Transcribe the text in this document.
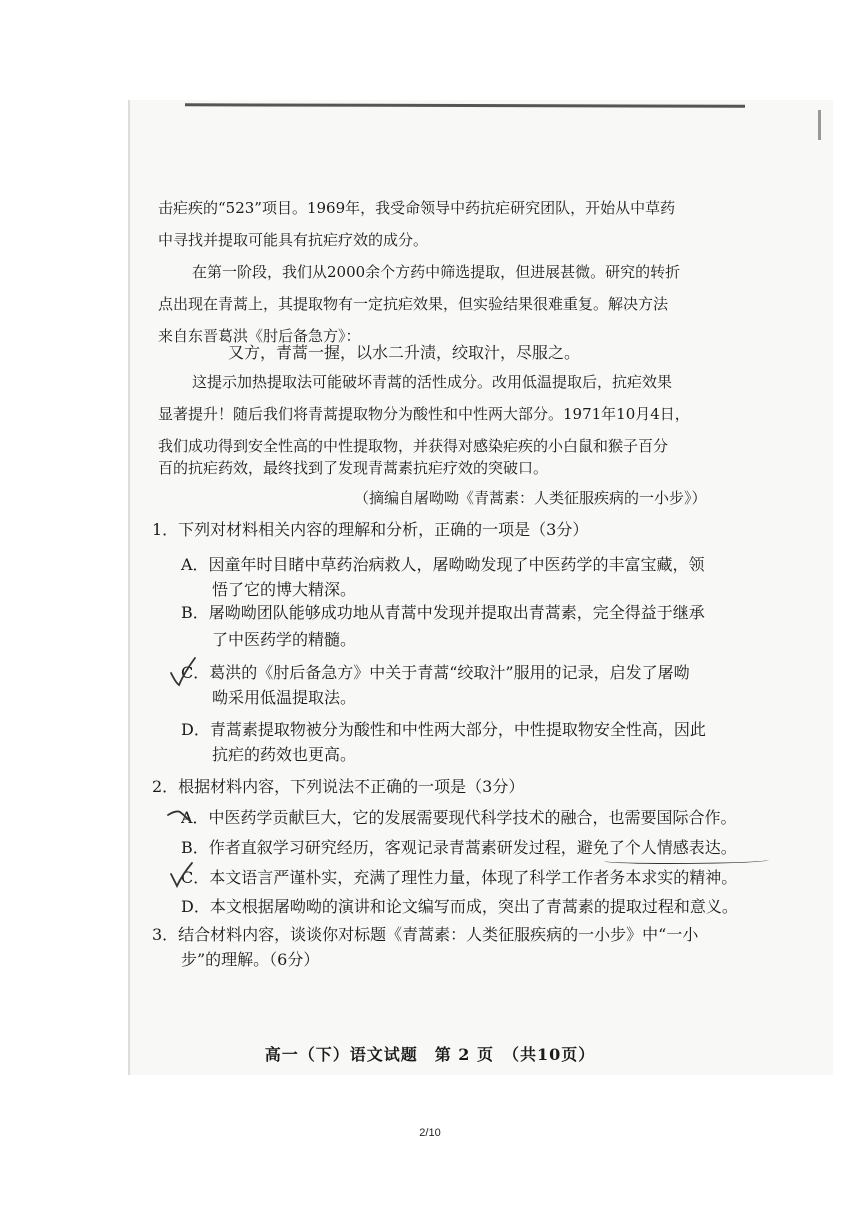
击疟疾的“523”项目。1969年，我受命领导中药抗疟研究团队，开始从中草药
中寻找并提取可能具有抗疟疗效的成分。
在第一阶段，我们从2000余个方药中筛选提取，但进展甚微。研究的转折
点出现在青蒿上，其提取物有一定抗疟效果，但实验结果很难重复。解决方法
来自东晋葛洪《肘后备急方》：
又方，青蒿一握，以水二升渍，绞取汁，尽服之。
这提示加热提取法可能破坏青蒿的活性成分。改用低温提取后，抗疟效果
显著提升！随后我们将青蒿提取物分为酸性和中性两大部分。1971年10月4日，
我们成功得到安全性高的中性提取物，并获得对感染疟疾的小白鼠和猴子百分
百的抗疟药效，最终找到了发现青蒿素抗疟疗效的突破口。
（摘编自屠呦呦《青蒿素：人类征服疾病的一小步》）
1．下列对材料相关内容的理解和分析，正确的一项是（3分）
A．因童年时目睹中草药治病救人，屠呦呦发现了中医药学的丰富宝藏，领
悟了它的博大精深。
B．屠呦呦团队能够成功地从青蒿中发现并提取出青蒿素，完全得益于继承
了中医药学的精髓。
C．葛洪的《肘后备急方》中关于青蒿“绞取汁”服用的记录，启发了屠呦
呦采用低温提取法。
D．青蒿素提取物被分为酸性和中性两大部分，中性提取物安全性高，因此
抗疟的药效也更高。
2．根据材料内容，下列说法不正确的一项是（3分）
A．中医药学贡献巨大，它的发展需要现代科学技术的融合，也需要国际合作。
B．作者直叙学习研究经历，客观记录青蒿素研发过程，避免了个人情感表达。
C．本文语言严谨朴实，充满了理性力量，体现了科学工作者务本求实的精神。
D．本文根据屠呦呦的演讲和论文编写而成，突出了青蒿素的提取过程和意义。
3．结合材料内容，谈谈你对标题《青蒿素：人类征服疾病的一小步》中“一小
步”的理解。（6分）
高一（下）语文试题　第 2 页　（共10页）
2/10
